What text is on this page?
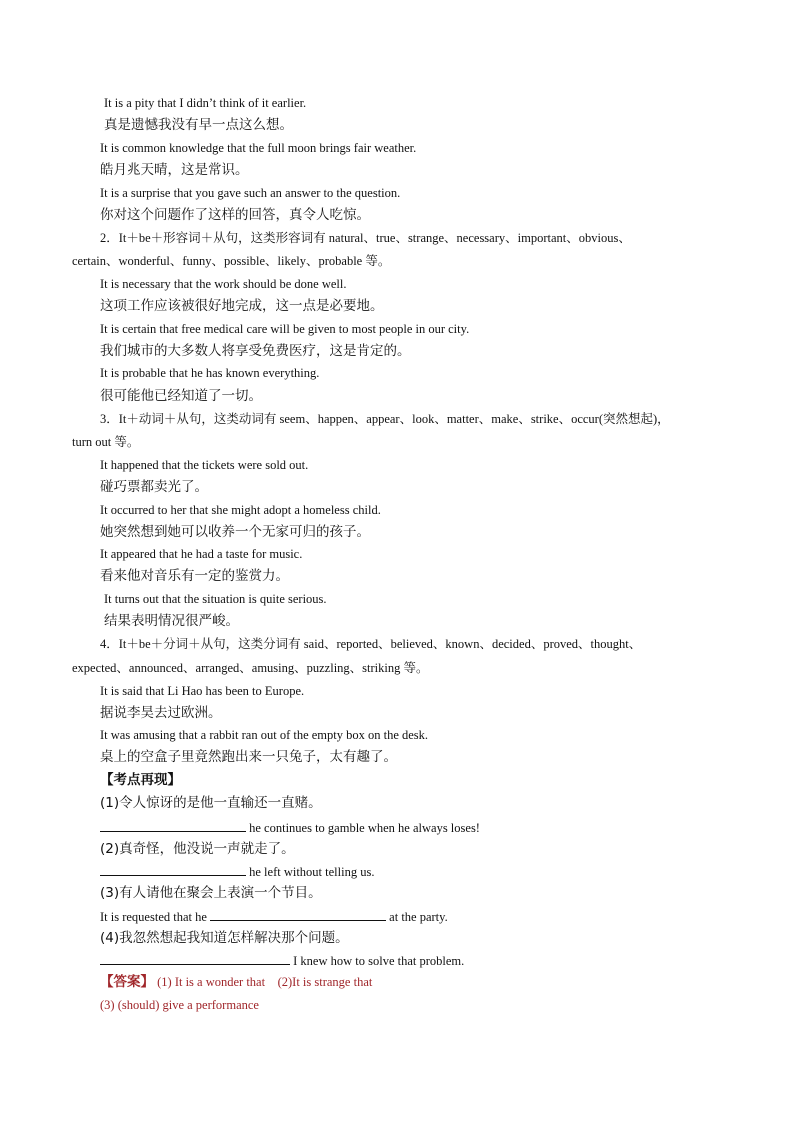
It is a pity that I didn’t think of it earlier.
真是遗憾我没有早一点这么想。
It is common knowledge that the full moon brings fair weather.
皓月兆天晴，这是常识。
It is a surprise that you gave such an answer to the question.
你对这个问题作了这样的回答，真令人吃惊。
2．It＋be＋形容词＋从句，这类形容词有 natural、true、strange、necessary、important、obvious、
certain、wonderful、funny、possible、likely、probable 等。
It is necessary that the work should be done well.
这项工作应该被很好地完成，这一点是必要地。
It is certain that free medical care will be given to most people in our city.
我们城市的大多数人将享受免费医疗，这是肯定的。
It is probable that he has known everything.
很可能他已经知道了一切。
3．It＋动词＋从句，这类动词有 seem、happen、appear、look、matter、make、strike、occur(突然想起)，
turn out 等。
It happened that the tickets were sold out.
碰巧票都卖光了。
It occurred to her that she might adopt a homeless child.
她突然想到她可以收养一个无家可归的孩子。
It appeared that he had a taste for music.
看来他对音乐有一定的鉴赏力。
It turns out that the situation is quite serious.
结果表明情况很严峻。
4．It＋be＋分词＋从句，这类分词有 said、reported、believed、known、decided、proved、thought、
expected、announced、arranged、amusing、puzzling、striking 等。
It is said that Li Hao has been to Europe.
据说李昊去过欧洲。
It was amusing that a rabbit ran out of the empty box on the desk.
桌上的空盒子里竟然跑出来一只兔子，太有趣了。
【考点再现】
(1)令人惊讶的是他一直输还一直赌。
he continues to gamble when he always loses!
(2)真奇怪，他没说一声就走了。
he left without telling us.
(3)有人请他在聚会上表演一个节目。
It is requested that he	at the party.
(4)我忽然想起我知道怎样解决那个问题。
I knew how to solve that problem.
【答案】 (1) It is a wonder that　(2)It is strange that
(3) (should) give a performance
